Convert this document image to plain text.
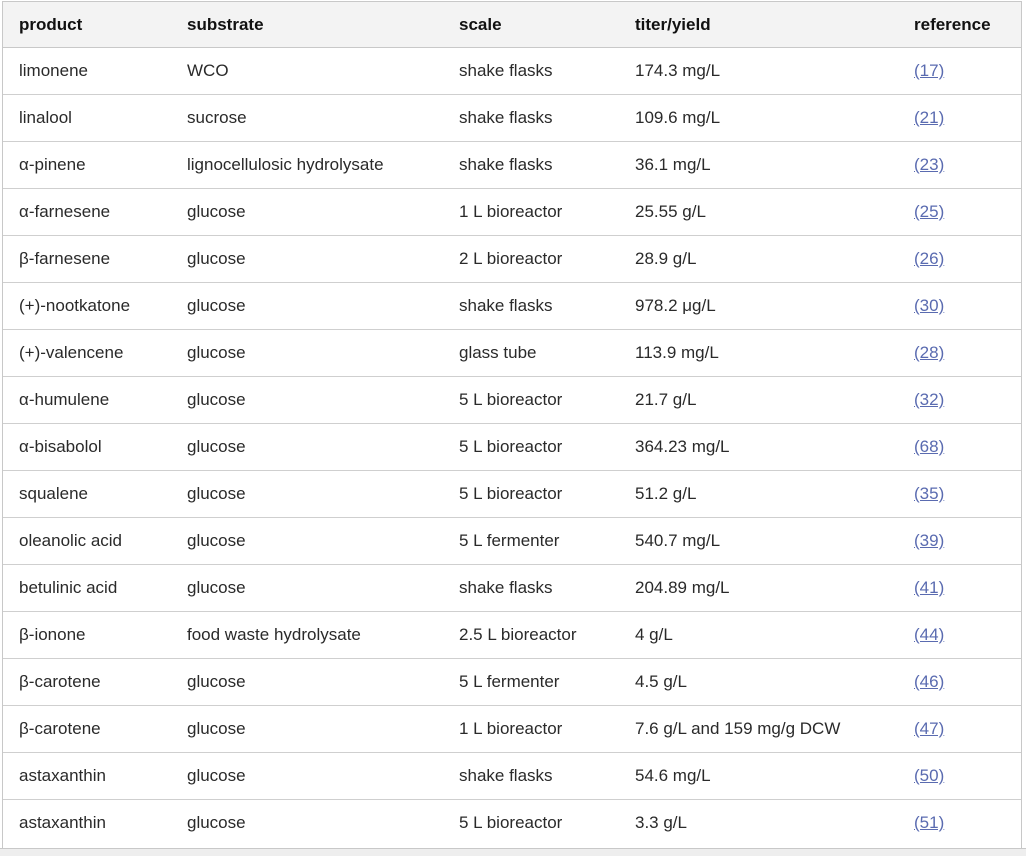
product	substrate	scale	titer/yield	reference
limonene	WCO	shake flasks	174.3 mg/L	(17)
linalool	sucrose	shake flasks	109.6 mg/L	(21)
α-pinene	lignocellulosic hydrolysate	shake flasks	36.1 mg/L	(23)
α-farnesene	glucose	1 L bioreactor	25.55 g/L	(25)
β-farnesene	glucose	2 L bioreactor	28.9 g/L	(26)
(+)-nootkatone	glucose	shake flasks	978.2 μg/L	(30)
(+)-valencene	glucose	glass tube	113.9 mg/L	(28)
α-humulene	glucose	5 L bioreactor	21.7 g/L	(32)
α-bisabolol	glucose	5 L bioreactor	364.23 mg/L	(68)
squalene	glucose	5 L bioreactor	51.2 g/L	(35)
oleanolic acid	glucose	5 L fermenter	540.7 mg/L	(39)
betulinic acid	glucose	shake flasks	204.89 mg/L	(41)
β-ionone	food waste hydrolysate	2.5 L bioreactor	4 g/L	(44)
β-carotene	glucose	5 L fermenter	4.5 g/L	(46)
β-carotene	glucose	1 L bioreactor	7.6 g/L and 159 mg/g DCW	(47)
astaxanthin	glucose	shake flasks	54.6 mg/L	(50)
astaxanthin	glucose	5 L bioreactor	3.3 g/L	(51)
